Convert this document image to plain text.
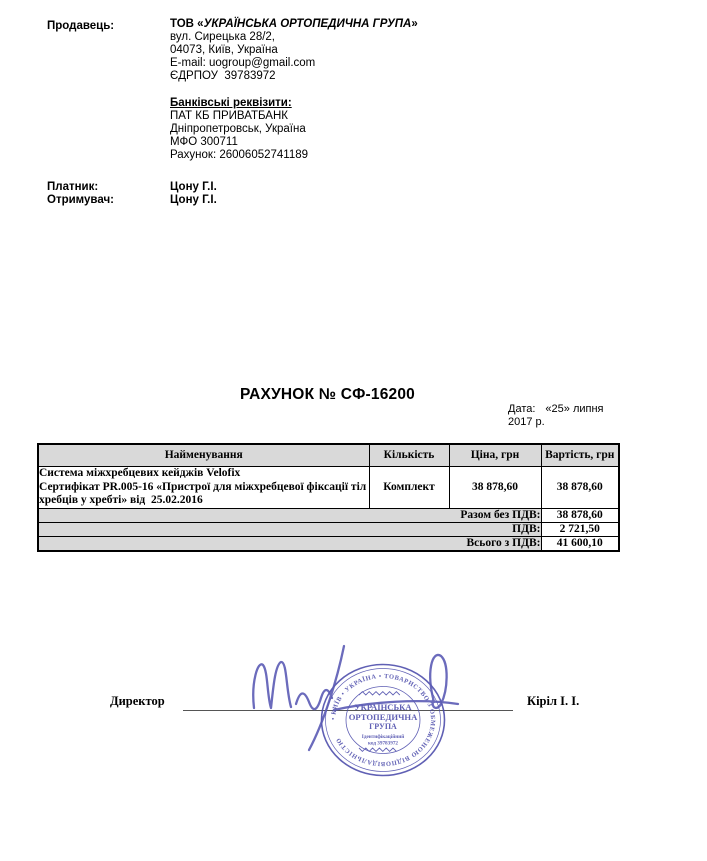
Продавець:	ТОВ «УКРАЇНСЬКА ОРТОПЕДИЧНА ГРУПА»
вул. Сирецька 28/2,
04073, Київ, Україна
E-mail: uogroup@gmail.com
ЄДРПОУ  39783972
Банківські реквізити:
ПАТ КБ ПРИВАТБАНК
Дніпропетровськ, Україна
МФО 300711
Рахунок: 26006052741189
Платник:	Цону Г.І.
Отримувач:	Цону Г.І.
РАХУНОК № СФ-16200
Дата: «25» липня
2017 р.
Найменування	Кількість	Ціна, грн	Вартість, грн

Система міжхребцевих кейджів Velofix
Сертифікат PR.005-16 «Пристрої для міжхребцевої фіксації тіл хребців у хребті» від  25.02.2016	Комплект	38 878,60	38 878,60
Разом без ПДВ:			38 878,60
ПДВ:			2 721,50
Всього з ПДВ:			41 600,10
Директор	Кіріл І. І.
• КИЇВ • УКРАЇНА • ТОВАРИСТВО З ОБМЕЖЕНОЮ ВІДПОВІДАЛЬНІСТЮ
УКРАЇНСЬКА
ОРТОПЕДИЧНА
ГРУПА
Ідентифікаційний
код 39783972
